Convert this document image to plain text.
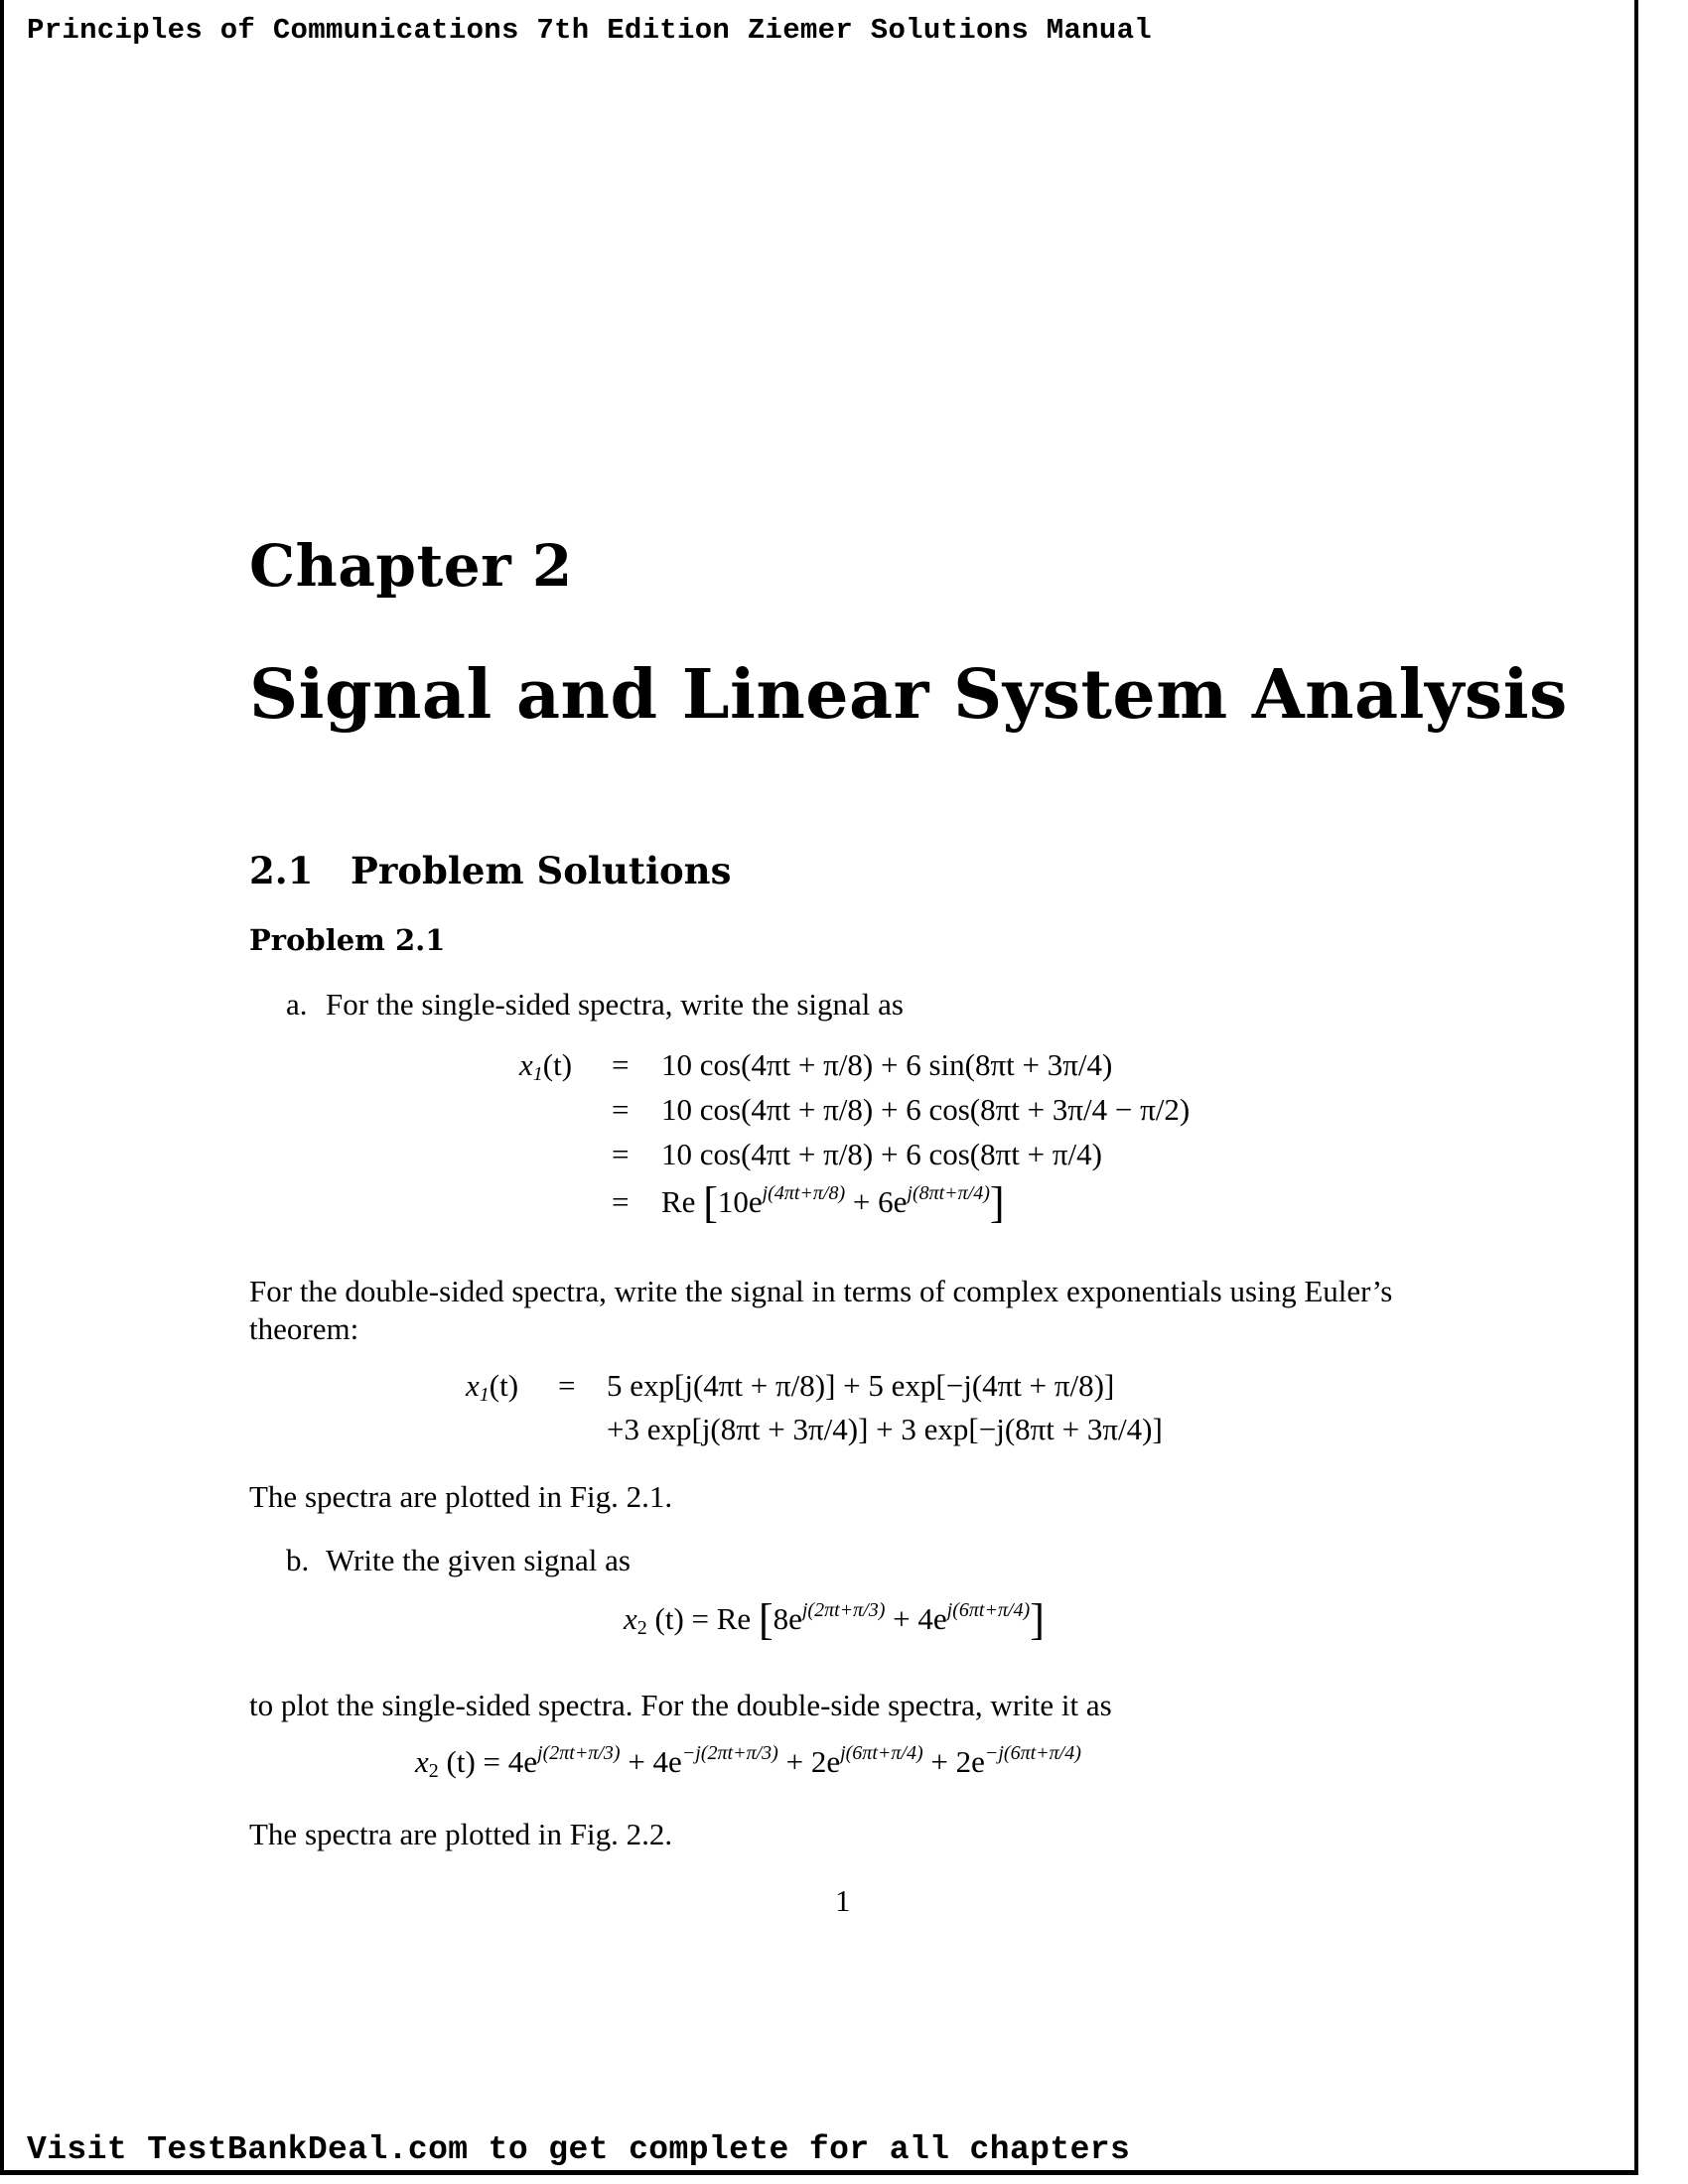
Principles of Communications 7th Edition Ziemer Solutions Manual
Chapter 2
Signal and Linear System Analysis
2.1 Problem Solutions
Problem 2.1
a. For the single-sided spectra, write the signal as
$x_1(t) = 10$ cos(4πt + π/8) + 6 sin(8πt + 3π/4)
= 10 cos(4πt + π/8) + 6 cos(8πt + 3π/4 − π/2)
= 10 cos(4πt + π/8) + 6 cos(8πt + π/4)
= Re $[10e^{j(4\pi t+\pi/8)} + 6e^{j(8\pi t+\pi/4)}]$
For the double-sided spectra, write the signal in terms of complex exponentials using Euler’s theorem:
$x_1(t) = 5$ exp[j(4πt + π/8)] + 5 exp[−j(4πt + π/8)]
+3 exp[j(8πt + 3π/4)] + 3 exp[−j(8πt + 3π/4)]
The spectra are plotted in Fig. 2.1.
b. Write the given signal as
$x_2$ (t) = Re $[8e^{j(2\pi t+\pi/3)} + 4e^{j(6\pi t+\pi/4)}]$
to plot the single-sided spectra. For the double-side spectra, write it as
$x_2$ $(t) = 4e^{j(2\pi t+\pi/3)} + 4e^{-j(2\pi t+\pi/3)} + 2e^{j(6\pi t+\pi/4)} + 2e^{-j(6\pi t+\pi/4)}$
The spectra are plotted in Fig. 2.2.
1
Visit TestBankDeal.com to get complete for all chapters
